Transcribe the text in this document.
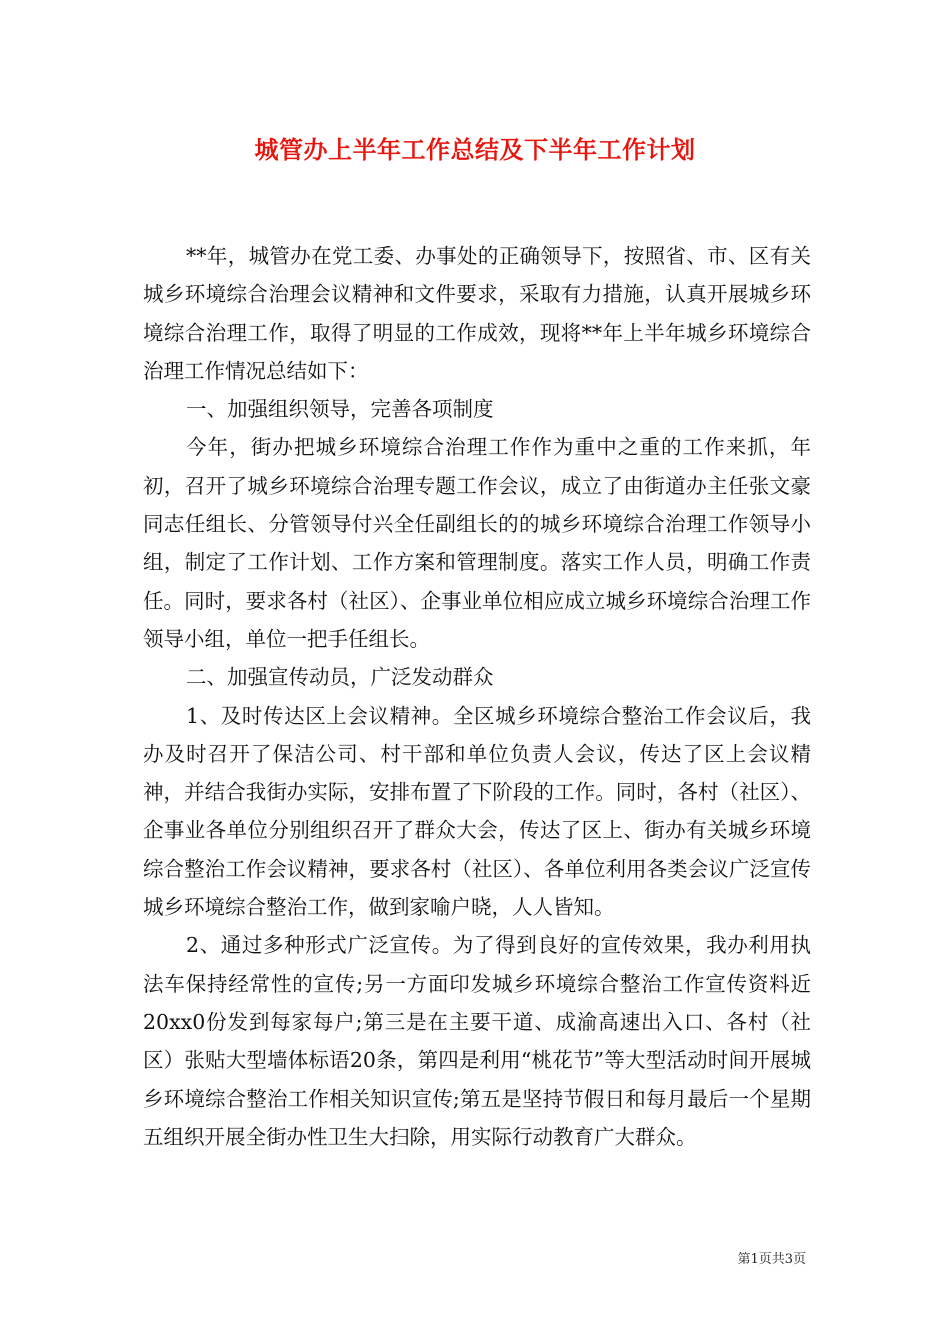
城管办上半年工作总结及下半年工作计划

**年，城管办在党工委、办事处的正确领导下，按照省、市、区有关城乡环境综合治理会议精神和文件要求，采取有力措施，认真开展城乡环境综合治理工作，取得了明显的工作成效，现将**年上半年城乡环境综合治理工作情况总结如下：

一、加强组织领导，完善各项制度

今年，街办把城乡环境综合治理工作作为重中之重的工作来抓，年初，召开了城乡环境综合治理专题工作会议，成立了由街道办主任张文豪同志任组长、分管领导付兴全任副组长的的城乡环境综合治理工作领导小组，制定了工作计划、工作方案和管理制度。落实工作人员，明确工作责任。同时，要求各村（社区）、企事业单位相应成立城乡环境综合治理工作领导小组，单位一把手任组长。

二、加强宣传动员，广泛发动群众

1、及时传达区上会议精神。全区城乡环境综合整治工作会议后，我办及时召开了保洁公司、村干部和单位负责人会议，传达了区上会议精神，并结合我街办实际，安排布置了下阶段的工作。同时，各村（社区）、企事业各单位分别组织召开了群众大会，传达了区上、街办有关城乡环境综合整治工作会议精神，要求各村（社区）、各单位利用各类会议广泛宣传城乡环境综合整治工作，做到家喻户晓，人人皆知。

2、通过多种形式广泛宣传。为了得到良好的宣传效果，我办利用执法车保持经常性的宣传;另一方面印发城乡环境综合整治工作宣传资料近20xx0份发到每家每户;第三是在主要干道、成渝高速出入口、各村（社区）张贴大型墙体标语20条，第四是利用“桃花节”等大型活动时间开展城乡环境综合整治工作相关知识宣传;第五是坚持节假日和每月最后一个星期五组织开展全街办性卫生大扫除，用实际行动教育广大群众。

第1页共3页
